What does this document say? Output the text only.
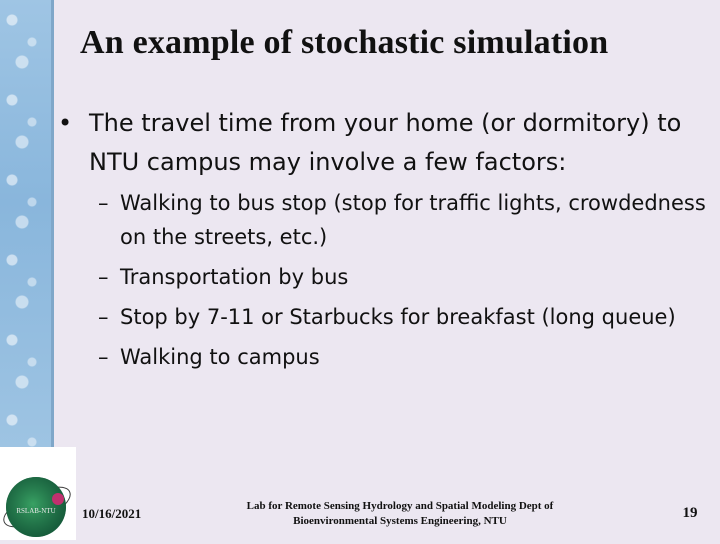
An example of stochastic simulation
• The travel time from your home (or dormitory) to NTU campus may involve a few factors:
– Walking to bus stop (stop for traffic lights, crowdedness on the streets, etc.)
– Transportation by bus
– Stop by 7-11 or Starbucks for breakfast (long queue)
– Walking to campus
RSLAB-NTU 10/16/2021	Lab for Remote Sensing Hydrology and Spatial Modeling Dept of
Bioenvironmental Systems Engineering, NTU	19
